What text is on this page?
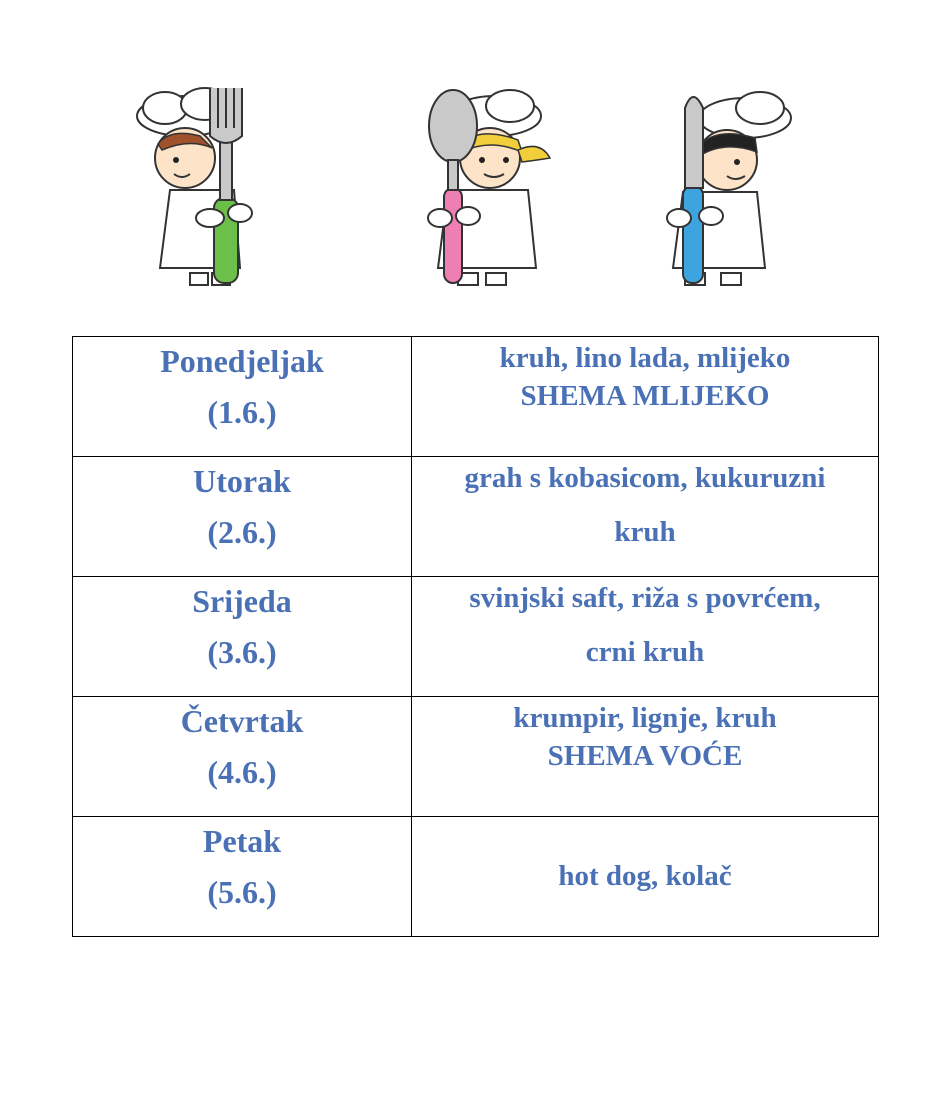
Ponedjeljak
(1.6.)	kruh, lino lada, mlijeko
SHEMA MLIJEKO

Utorak
(2.6.)	grah s kobasicom, kukuruzni
kruh

Srijeda
(3.6.)	svinjski saft, riža s povrćem,
crni kruh

Četvrtak
(4.6.)	krumpir, lignje, kruh
SHEMA VOĆE

Petak
(5.6.)	hot dog, kolač
